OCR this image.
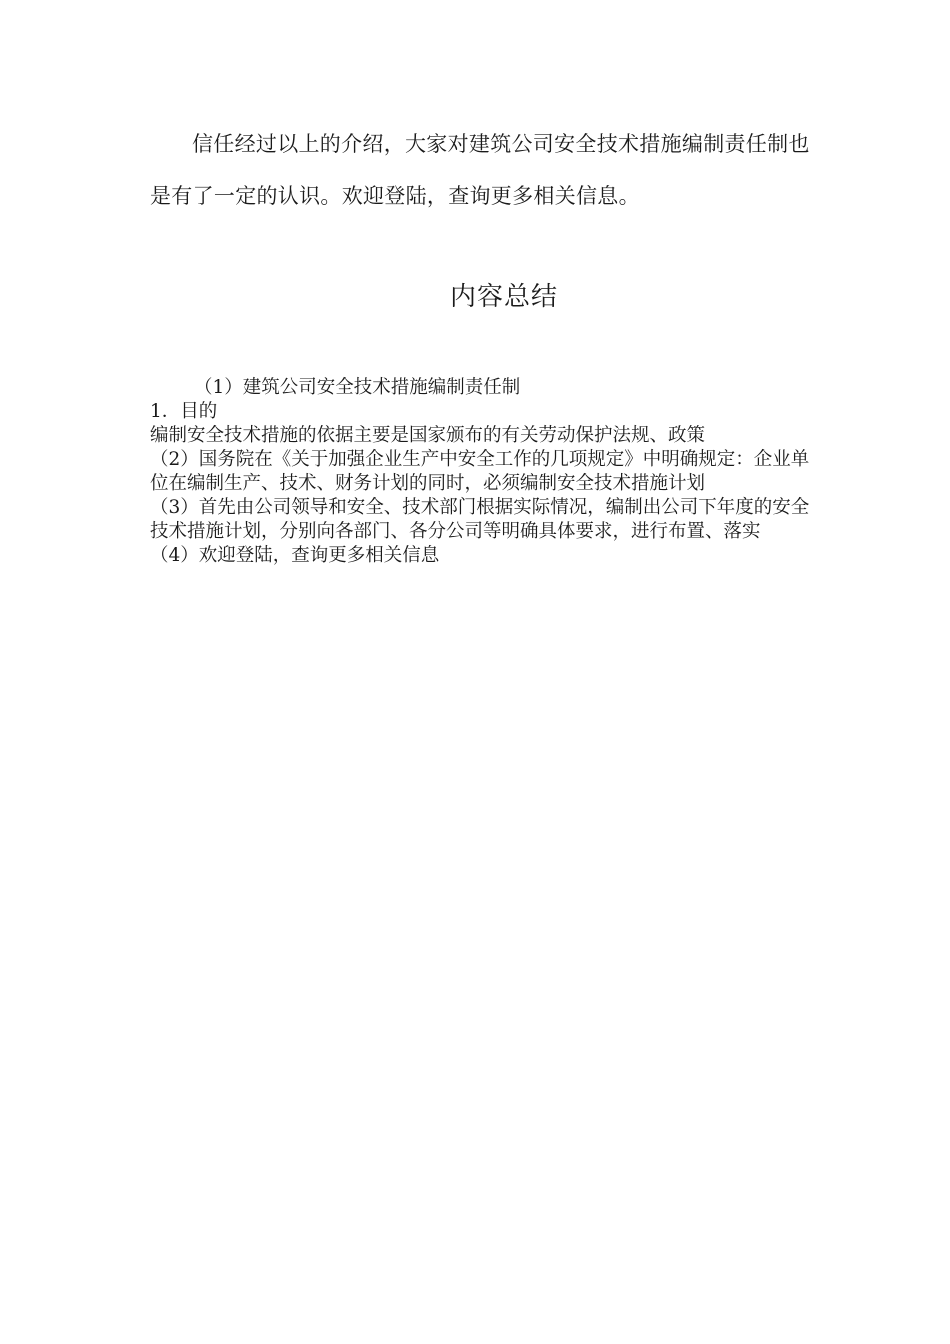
信任经过以上的介绍，大家对建筑公司安全技术措施编制责任制也是有了一定的认识。欢迎登陆，查询更多相关信息。

内容总结

（1）建筑公司安全技术措施编制责任制

1．目的

编制安全技术措施的依据主要是国家颁布的有关劳动保护法规、政策

（2）国务院在《关于加强企业生产中安全工作的几项规定》中明确规定：企业单位在编制生产、技术、财务计划的同时，必须编制安全技术措施计划

（3）首先由公司领导和安全、技术部门根据实际情况，编制出公司下年度的安全技术措施计划，分别向各部门、各分公司等明确具体要求，进行布置、落实

（4）欢迎登陆，查询更多相关信息
